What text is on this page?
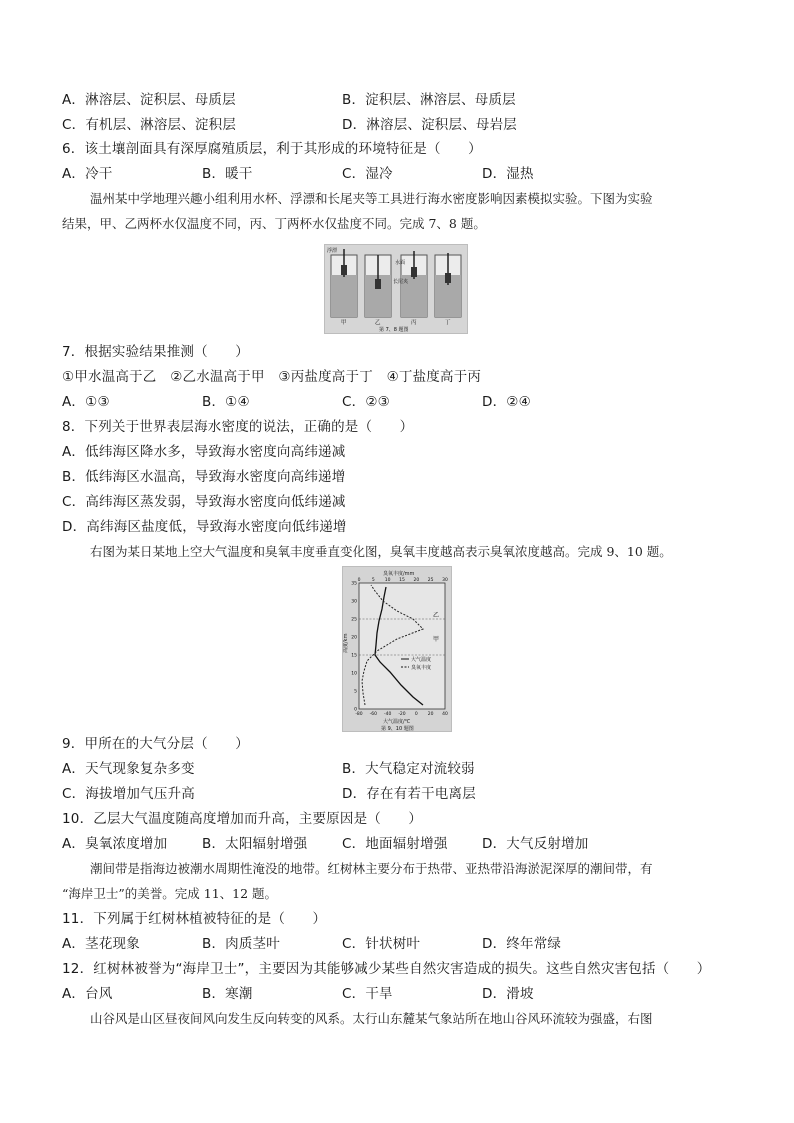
A．淋溶层、淀积层、母质层	B．淀积层、淋溶层、母质层
C．有机层、淋溶层、淀积层	D．淋溶层、淀积层、母岩层
6．该土壤剖面具有深厚腐殖质层，利于其形成的环境特征是（　　）
A．冷干	B．暖干	C．湿冷	D．湿热
温州某中学地理兴趣小组利用水杯、浮漂和长尾夹等工具进行海水密度影响因素模拟实验。下图为实验
结果，甲、乙两杯水仅温度不同，丙、丁两杯水仅盐度不同。完成 7、8 题。
浮漂
水面
长尾夹
甲	乙	丙	丁
第 7、8 题图
7．根据实验结果推测（　　）
①甲水温高于乙　②乙水温高于甲　③丙盐度高于丁　④丁盐度高于丙
A．①③	B．①④	C．②③	D．②④
8．下列关于世界表层海水密度的说法，正确的是（　　）
A．低纬海区降水多，导致海水密度向高纬递减
B．低纬海区水温高，导致海水密度向高纬递增
C．高纬海区蒸发弱，导致海水密度向低纬递减
D．高纬海区盐度低，导致海水密度向低纬递增
右图为某日某地上空大气温度和臭氧丰度垂直变化图，臭氧丰度越高表示臭氧浓度越高。完成 9、10 题。
臭氧丰度/mm
0	5 10 15 20 25 30
35
30
25
20
15
10
5
0
-80 -60 -40 -20 0 20 40
乙
甲
大气温度
臭氧丰度
高度/km
大气温度/℃
第 9、10 题图
9．甲所在的大气分层（　　）
A．天气现象复杂多变	B．大气稳定对流较弱
C．海拔增加气压升高	D．存在有若干电离层
10．乙层大气温度随高度增加而升高，主要原因是（　　）
A．臭氧浓度增加	B．太阳辐射增强	C．地面辐射增强	D．大气反射增加
潮间带是指海边被潮水周期性淹没的地带。红树林主要分布于热带、亚热带沿海淤泥深厚的潮间带，有
“海岸卫士”的美誉。完成 11、12 题。
11．下列属于红树林植被特征的是（　　）
A．茎花现象	B．肉质茎叶	C．针状树叶	D．终年常绿
12．红树林被誉为“海岸卫士”，主要因为其能够减少某些自然灾害造成的损失。这些自然灾害包括（　　）
A．台风	B．寒潮	C．干旱	D．滑坡
山谷风是山区昼夜间风向发生反向转变的风系。太行山东麓某气象站所在地山谷风环流较为强盛，右图
